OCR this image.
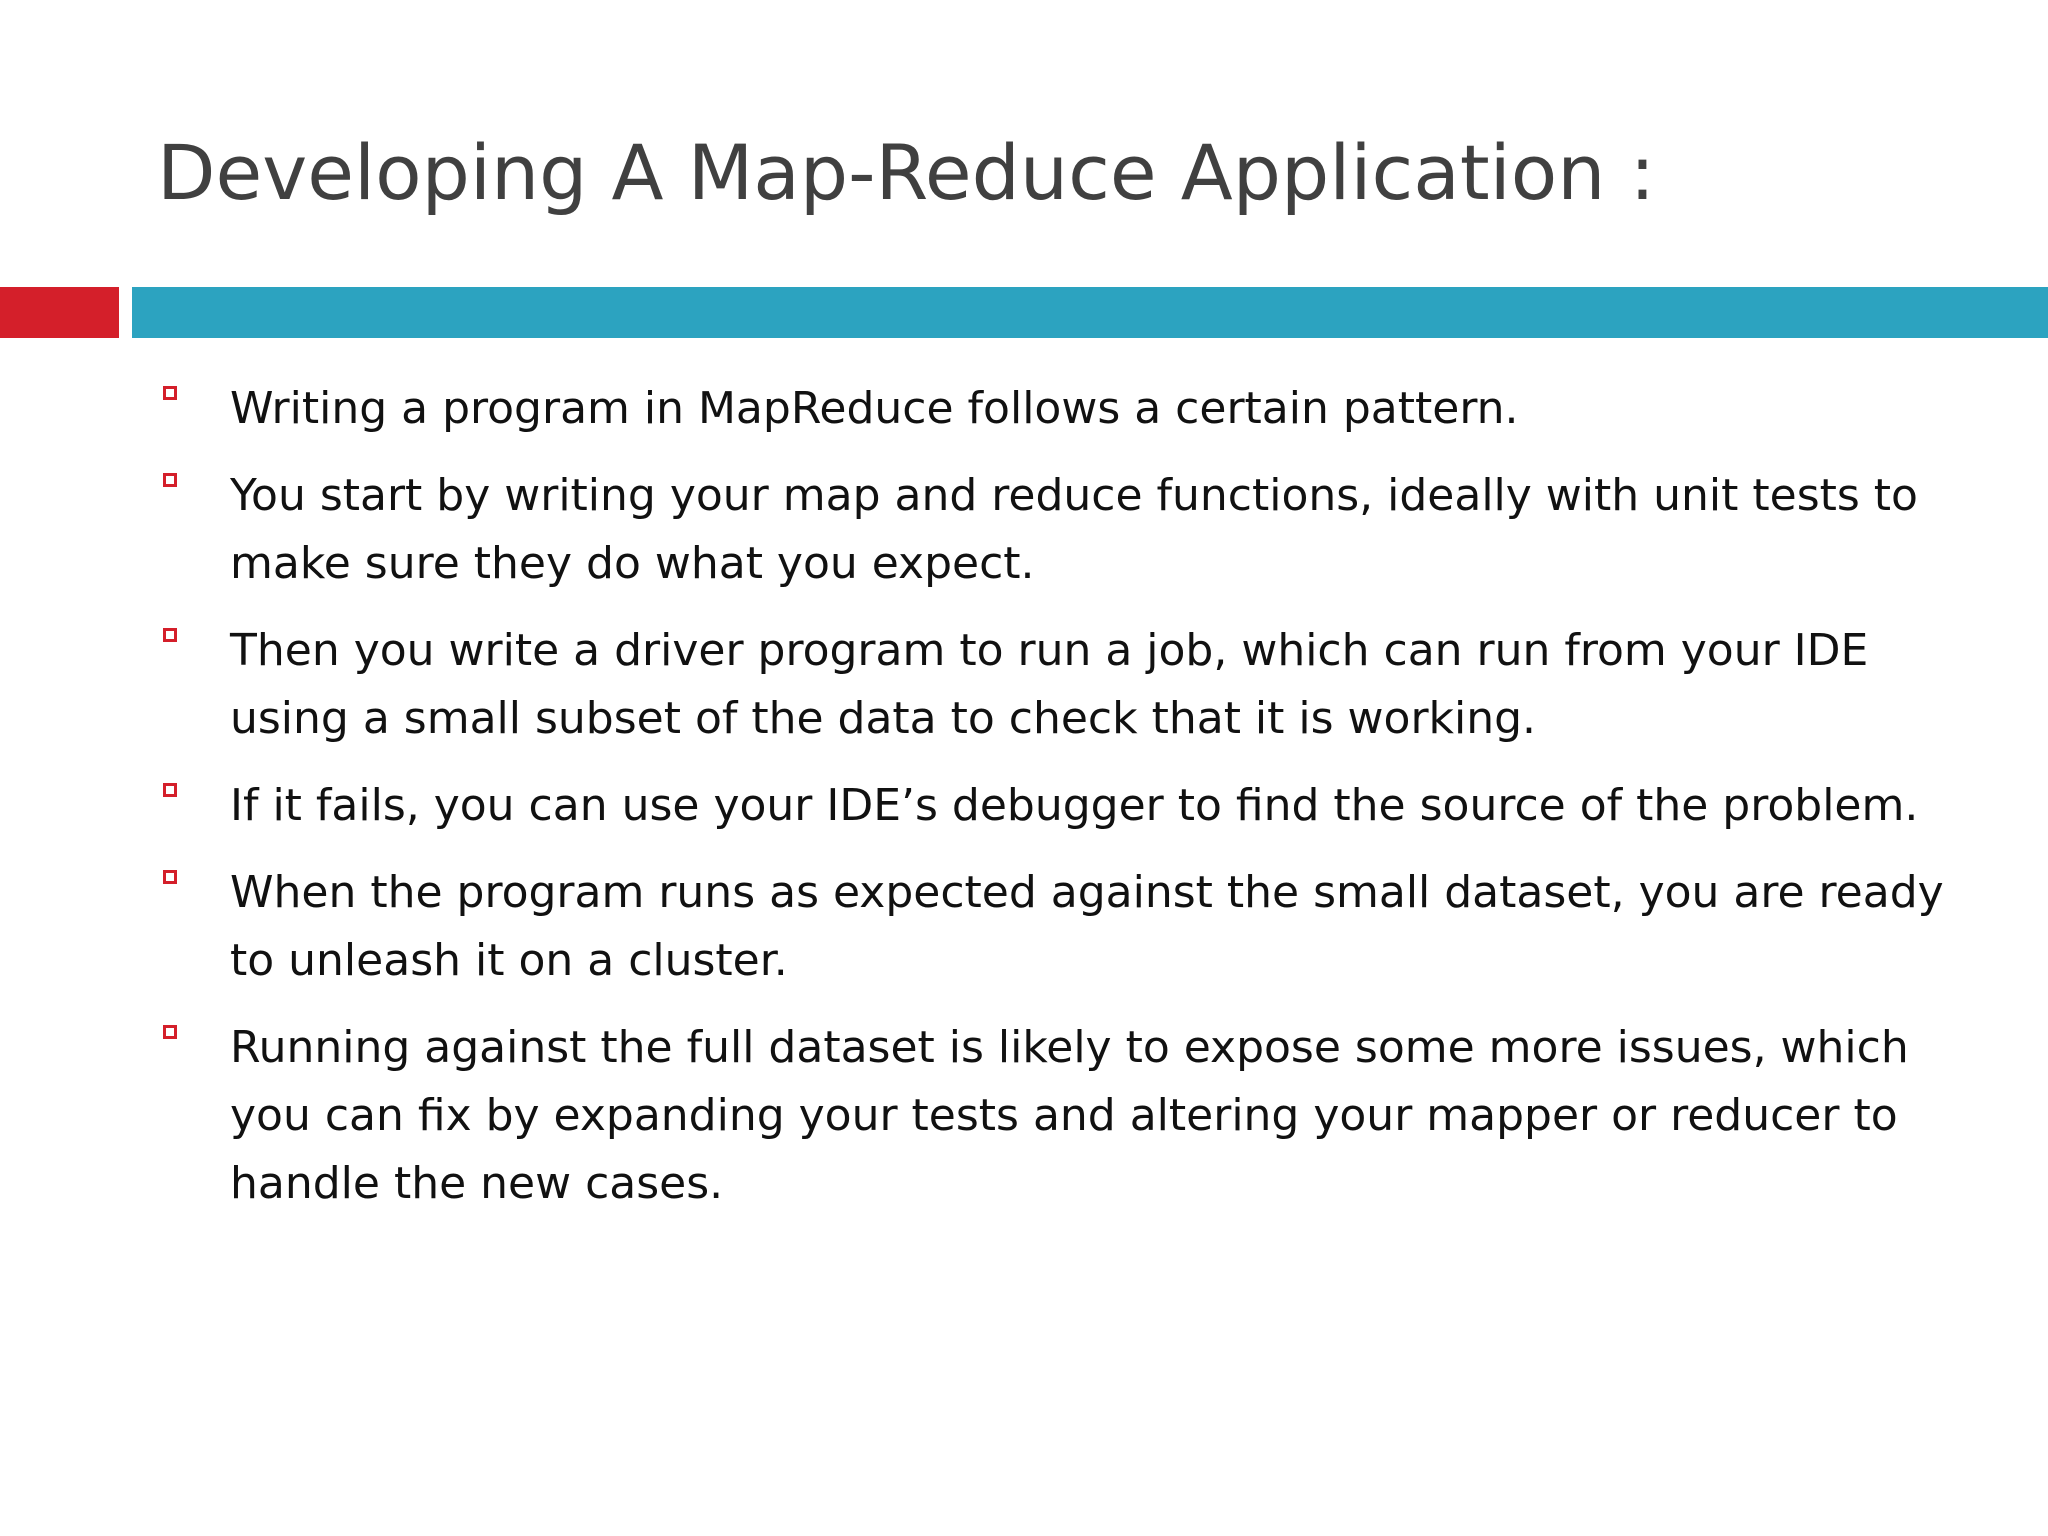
Developing A Map-Reduce Application :
Writing a program in MapReduce follows a certain pattern.
You start by writing your map and reduce functions, ideally with unit tests to make sure they do what you expect.
Then you write a driver program to run a job, which can run from your IDE using a small subset of the data to check that it is working.
If it fails, you can use your IDE’s debugger to find the source of the problem.
When the program runs as expected against the small dataset, you are ready to unleash it on a cluster.
Running against the full dataset is likely to expose some more issues, which you can fix by expanding your tests and altering your mapper or reducer to handle the new cases.
